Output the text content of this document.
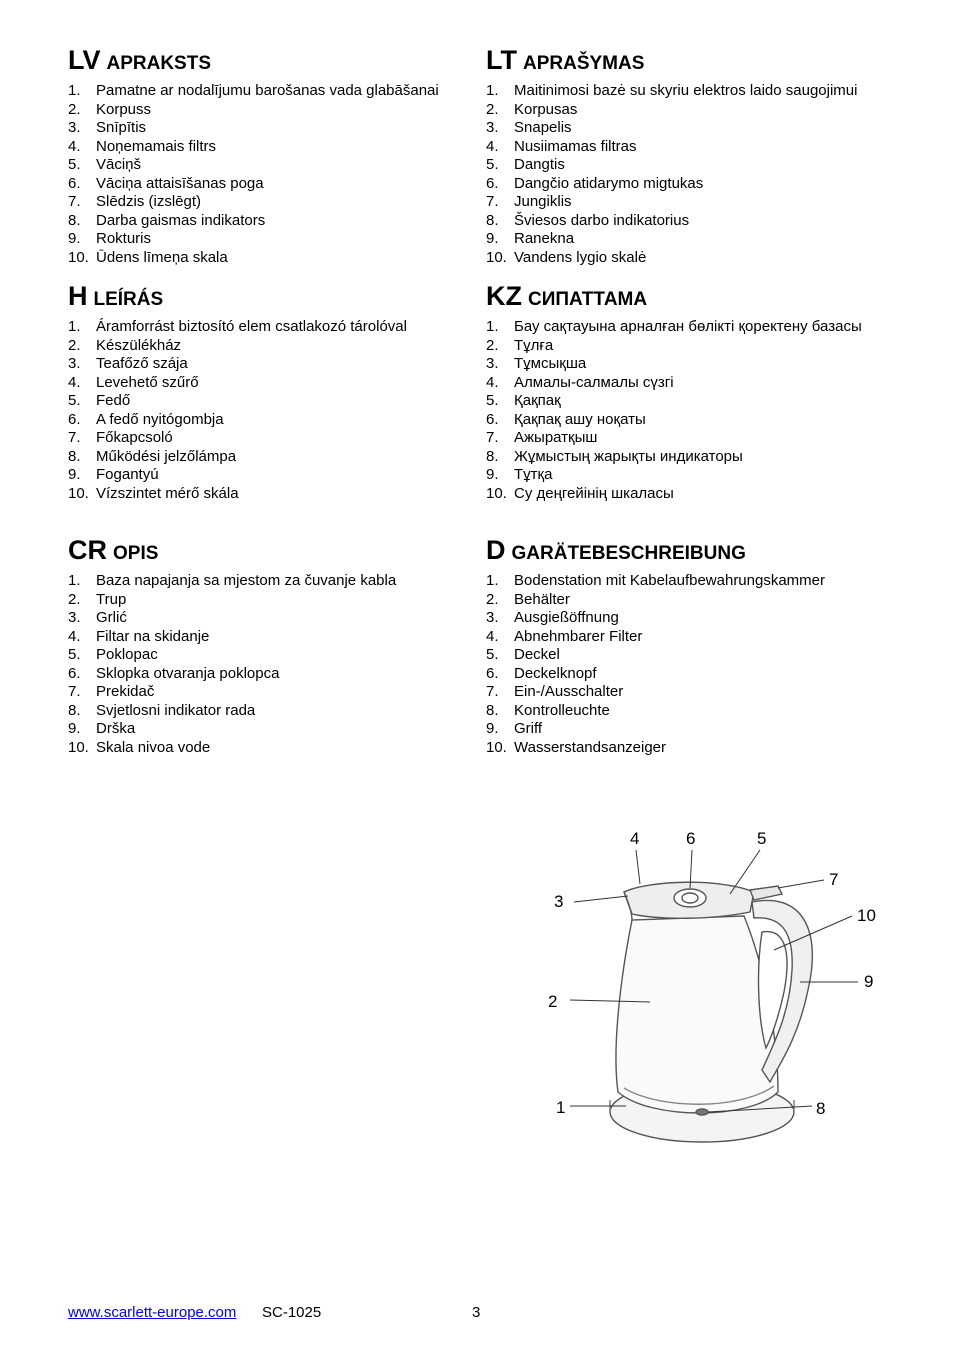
LV APRAKSTS
1.	Pamatne ar nodalījumu barošanas vada glabāšanai
2.	Korpuss
3.	Snīpītis
4.	Noņemamais filtrs
5.	Vāciņš
6.	Vāciņa attaisīšanas poga
7.	Slēdzis (izslēgt)
8.	Darba gaismas indikators
9.	Rokturis
10. Ūdens līmeņa skala
LT APRAŠYMAS
1.	Maitinimosi bazė su skyriu elektros laido saugojimui
2.	Korpusas
3.	Snapelis
4.	Nusiimamas filtras
5.	Dangtis
6.	Dangčio atidarymo migtukas
7.	Jungiklis
8.	Šviesos darbo indikatorius
9.	Ranekna
10. Vandens lygio skalė
H LEÍRÁS
1.	Áramforrást biztosító elem csatlakozó tárolóval
2.	Készülékház
3.	Teafőző szája
4.	Levehető szűrő
5.	Fedő
6.	A fedő nyitógombja
7.	Főkapcsoló
8.	Működési jelzőlámpa
9.	Fogantyú
10. Vízszintet mérő skála
KZ СИПАТТАМА
1.	Бау сақтауына арналған бөлікті қоректену базасы
2.	Тұлға
3.	Тұмсықша
4.	Алмалы-салмалы сүзгі
5.	Қақпақ
6.	Қақпақ ашу ноқаты
7.	Ажыратқыш
8.	Жұмыстың жарықты индикаторы
9.	Тұтқа
10. Су деңгейінің шкаласы
CR OPIS
1.	Baza napajanja sa mjestom za čuvanje kabla
2.	Trup
3.	Grlić
4.	Filtar na skidanje
5.	Poklopac
6.	Sklopka otvaranja poklopca
7.	Prekidač
8.	Svjetlosni indikator rada
9.	Drška
10. Skala nivoa vode
D GARÄTEBESCHREIBUNG
1.	Bodenstation mit Kabelaufbewahrungskammer
2.	Behälter
3.	Ausgießöffnung
4.	Abnehmbarer Filter
5.	Deckel
6.	Deckelknopf
7.	Ein-/Ausschalter
8.	Kontrolleuchte
9.	Griff
10. Wasserstandsanzeiger
1
2
3
4	5
6
7
8
9
10
www.scarlett-europe.com SC-1025	3
